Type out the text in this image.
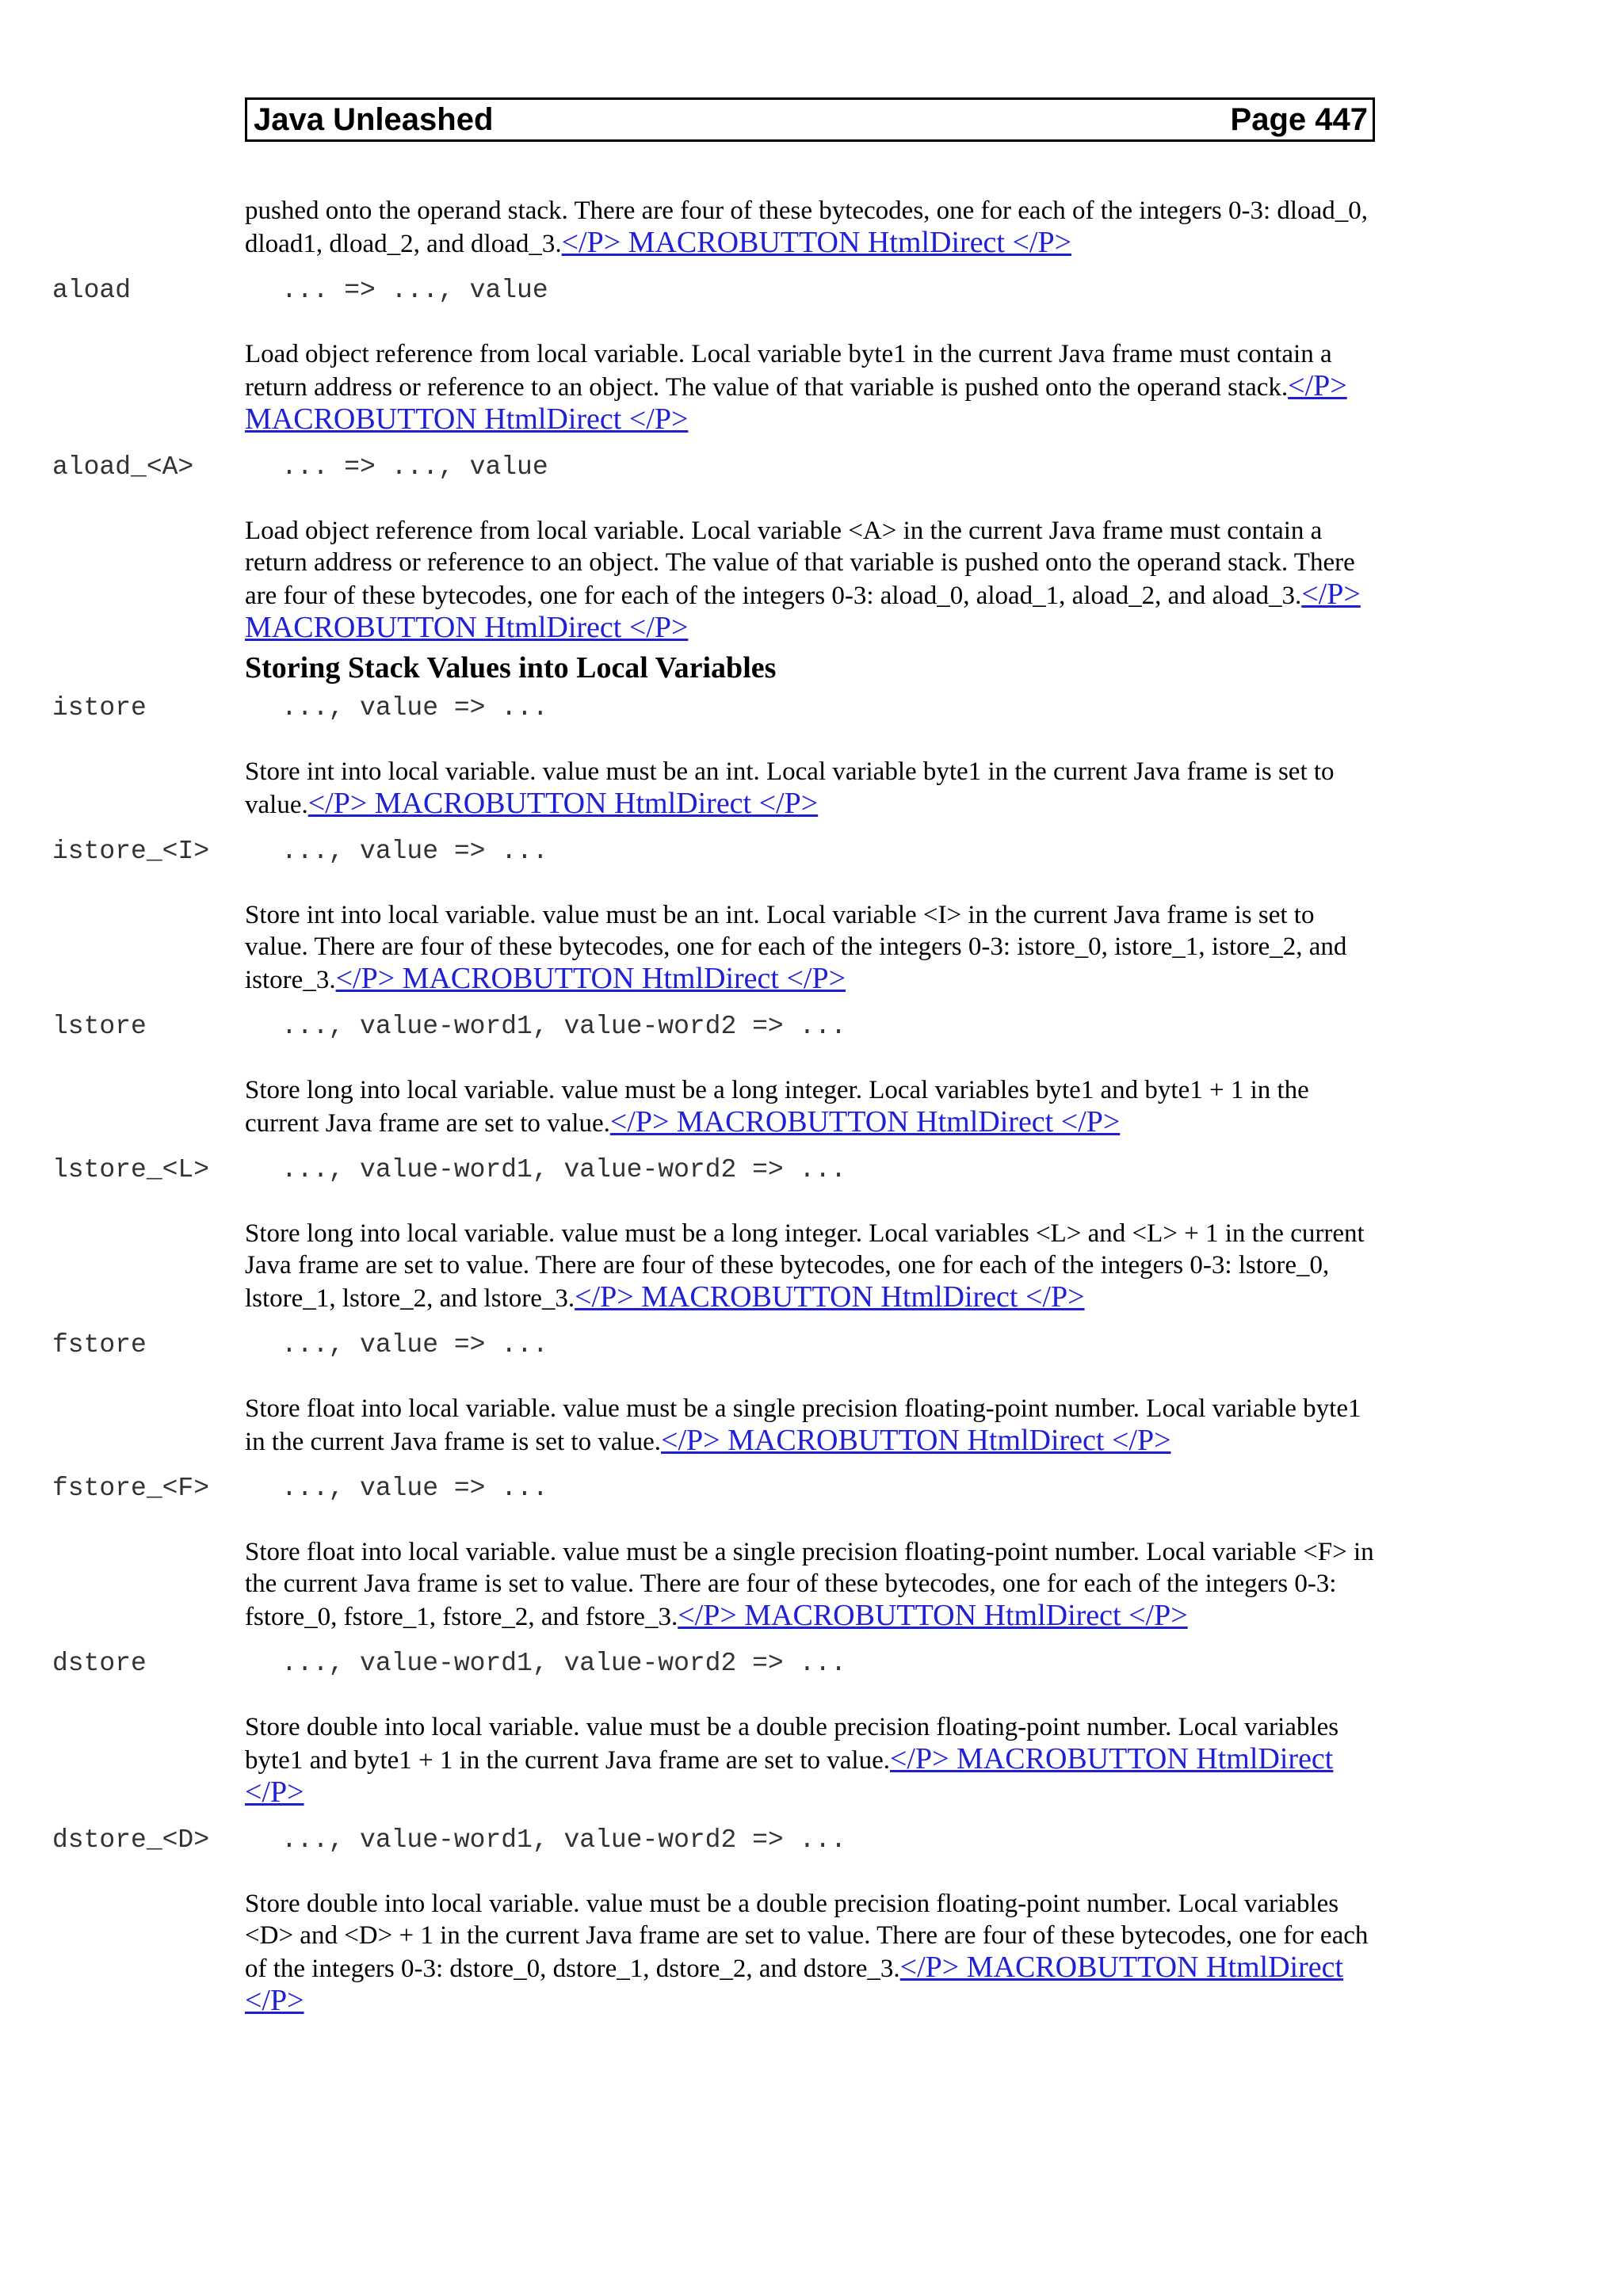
Java Unleashed	Page 447

pushed onto the operand stack. There are four of these bytecodes, one for each of the integers 0-3: dload_0, dload1, dload_2, and dload_3.</P> MACROBUTTON HtmlDirect </P>

aload	... => ..., value

Load object reference from local variable. Local variable byte1 in the current Java frame must contain a return address or reference to an object. The value of that variable is pushed onto the operand stack.</P> MACROBUTTON HtmlDirect </P>

aload_<A>	... => ..., value

Load object reference from local variable. Local variable <A> in the current Java frame must contain a return address or reference to an object. The value of that variable is pushed onto the operand stack. There are four of these bytecodes, one for each of the integers 0-3: aload_0, aload_1, aload_2, and aload_3.</P> MACROBUTTON HtmlDirect </P>

Storing Stack Values into Local Variables
istore	..., value => ...

Store int into local variable. value must be an int. Local variable byte1 in the current Java frame is set to value.</P> MACROBUTTON HtmlDirect </P>

istore_<I>	..., value => ...

Store int into local variable. value must be an int. Local variable <I> in the current Java frame is set to value. There are four of these bytecodes, one for each of the integers 0-3: istore_0, istore_1, istore_2, and istore_3.</P> MACROBUTTON HtmlDirect </P>

lstore	..., value-word1, value-word2 => ...

Store long into local variable. value must be a long integer. Local variables byte1 and byte1 + 1 in the current Java frame are set to value.</P> MACROBUTTON HtmlDirect </P>

lstore_<L>	..., value-word1, value-word2 => ...

Store long into local variable. value must be a long integer. Local variables <L> and <L> + 1 in the current Java frame are set to value. There are four of these bytecodes, one for each of the integers 0-3: lstore_0, lstore_1, lstore_2, and lstore_3.</P> MACROBUTTON HtmlDirect </P>

fstore	..., value => ...

Store float into local variable. value must be a single precision floating-point number. Local variable byte1 in the current Java frame is set to value.</P> MACROBUTTON HtmlDirect </P>

fstore_<F>	..., value => ...

Store float into local variable. value must be a single precision floating-point number. Local variable <F> in the current Java frame is set to value. There are four of these bytecodes, one for each of the integers 0-3: fstore_0, fstore_1, fstore_2, and fstore_3.</P> MACROBUTTON HtmlDirect </P>

dstore	..., value-word1, value-word2 => ...

Store double into local variable. value must be a double precision floating-point number. Local variables byte1 and byte1 + 1 in the current Java frame are set to value.</P> MACROBUTTON HtmlDirect </P>

dstore_<D>	..., value-word1, value-word2 => ...

Store double into local variable. value must be a double precision floating-point number. Local variables <D> and <D> + 1 in the current Java frame are set to value. There are four of these bytecodes, one for each of the integers 0-3: dstore_0, dstore_1, dstore_2, and dstore_3.</P> MACROBUTTON HtmlDirect </P>
